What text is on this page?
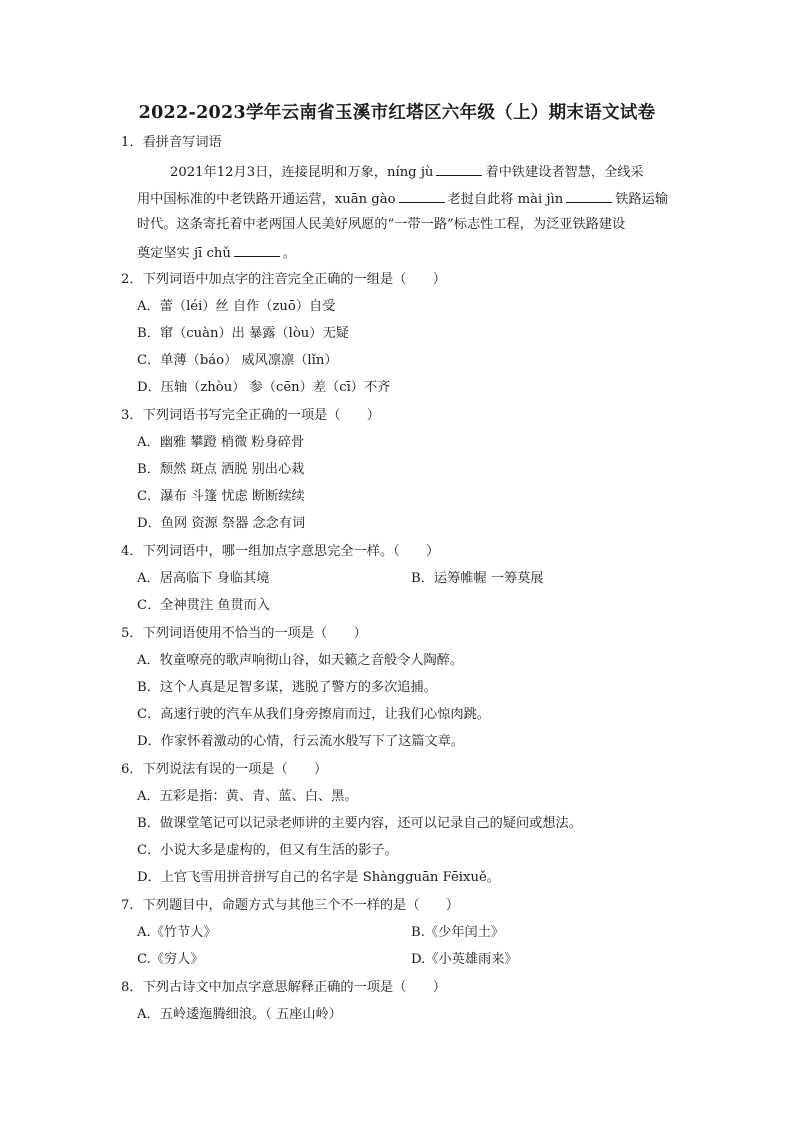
2022-2023学年云南省玉溪市红塔区六年级（上）期末语文试卷
1．看拼音写词语
2021年12月3日，连接昆明和万象，níng jù	着中铁建设者智慧，全线采
用中国标准的中老铁路开通运营，xuān gào	老挝自此将 mài jìn	铁路运输
时代。这条寄托着中老两国人民美好夙愿的“一带一路”标志性工程，为泛亚铁路建设
奠定坚实 jī chǔ	。
2．下列词语中加点字的注音完全正确的一组是（　　）
A．蕾（léi）丝 自作（zuō）自受
B．窜（cuàn）出 暴露（lòu）无疑
C．单薄（báo） 威风凛凛（lǐn）
D．压轴（zhòu） 参（cēn）差（cī）不齐
3．下列词语书写完全正确的一项是（　　）
A．幽雅 攀蹬 梢微 粉身碎骨
B．颓然 斑点 洒脱 别出心栽
C．瀑布 斗篷 忧虑 断断续续
D．鱼网 资源 祭器 念念有词
4．下列词语中，哪一组加点字意思完全一样。（　　）
A．居高临下 身临其境	B．运筹帷幄 一筹莫展
C．全神贯注 鱼贯而入
5．下列词语使用不恰当的一项是（　　）
A．牧童嘹亮的歌声响彻山谷，如天籁之音般令人陶醉。
B．这个人真是足智多谋，逃脱了警方的多次追捕。
C．高速行驶的汽车从我们身旁擦肩而过，让我们心惊肉跳。
D．作家怀着激动的心情，行云流水般写下了这篇文章。
6．下列说法有误的一项是（　　）
A．五彩是指：黄、青、蓝、白、黑。
B．做课堂笔记可以记录老师讲的主要内容，还可以记录自己的疑问或想法。
C．小说大多是虚构的，但又有生活的影子。
D．上官飞雪用拼音拼写自己的名字是 Shàngguān Fēixuě。
7．下列题目中，命题方式与其他三个不一样的是（　　）
A.《竹节人》	B.《少年闰土》
C.《穷人》	D.《小英雄雨来》
8．下列古诗文中加点字意思解释正确的一项是（　　）
A．五岭逶迤腾细浪。（ 五座山岭）
